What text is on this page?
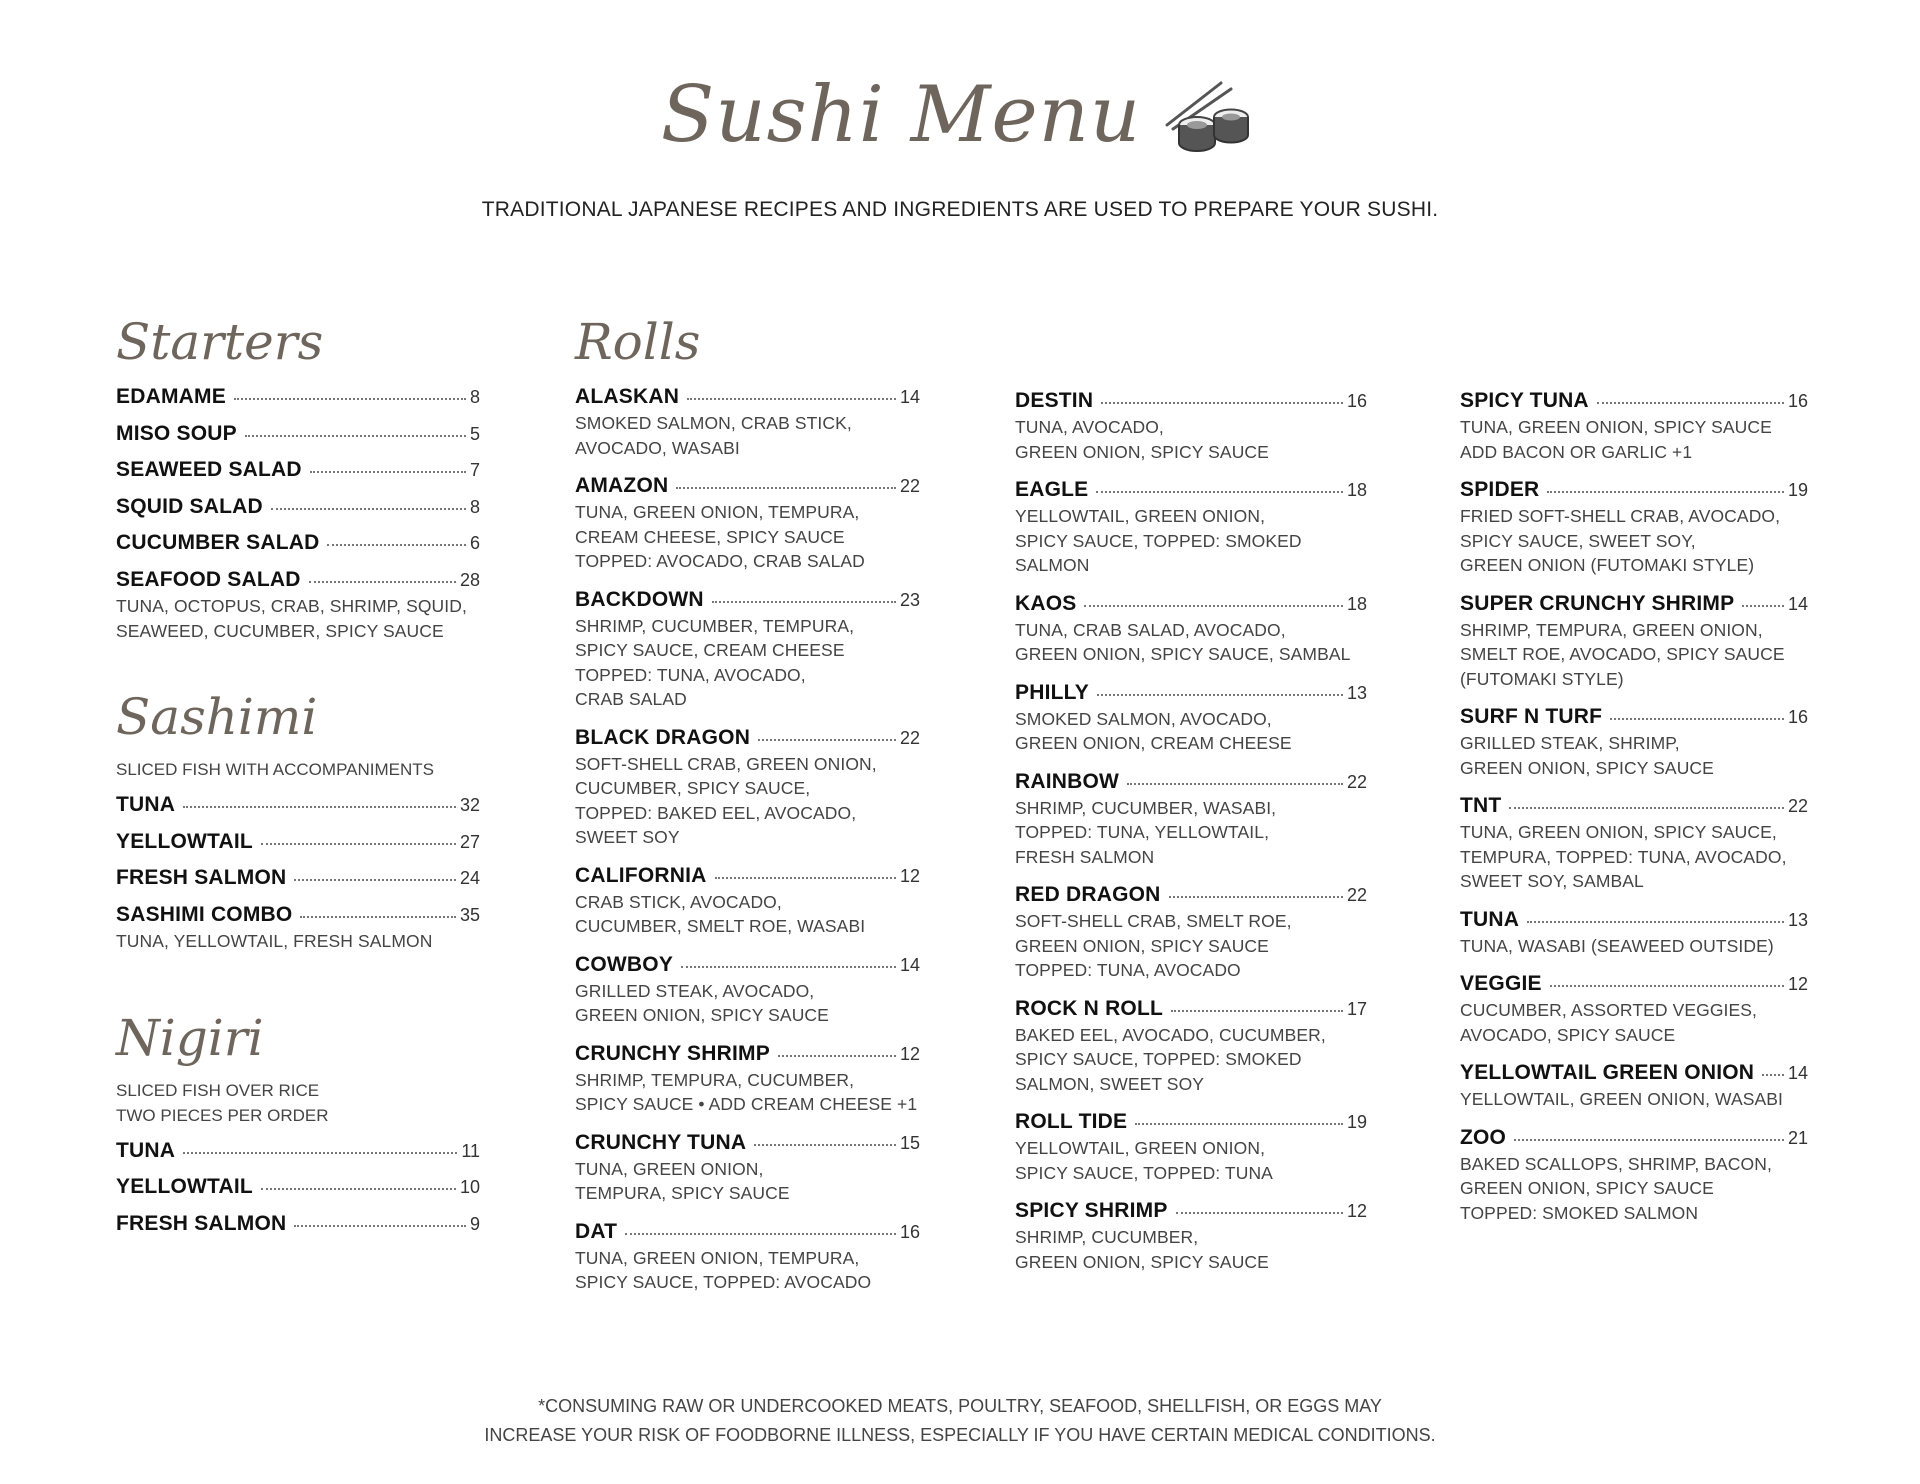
Sushi Menu
TRADITIONAL JAPANESE RECIPES AND INGREDIENTS ARE USED TO PREPARE YOUR SUSHI.
Starters
EDAMAME	8
MISO SOUP	5
SEAWEED SALAD	7
SQUID SALAD	8
CUCUMBER SALAD	6
SEAFOOD SALAD	28
TUNA, OCTOPUS, CRAB, SHRIMP, SQUID,
SEAWEED, CUCUMBER, SPICY SAUCE
Sashimi
SLICED FISH WITH ACCOMPANIMENTS
TUNA	32
YELLOWTAIL	27
FRESH SALMON	24
SASHIMI COMBO	35
TUNA, YELLOWTAIL, FRESH SALMON
Nigiri
SLICED FISH OVER RICE
TWO PIECES PER ORDER
TUNA	11
YELLOWTAIL	10
FRESH SALMON	9
Rolls
ALASKAN	14
SMOKED SALMON, CRAB STICK,
AVOCADO, WASABI
AMAZON	22
TUNA, GREEN ONION, TEMPURA,
CREAM CHEESE, SPICY SAUCE
TOPPED: AVOCADO, CRAB SALAD
BACKDOWN	23
SHRIMP, CUCUMBER, TEMPURA,
SPICY SAUCE, CREAM CHEESE
TOPPED: TUNA, AVOCADO,
CRAB SALAD
BLACK DRAGON	22
SOFT-SHELL CRAB, GREEN ONION,
CUCUMBER, SPICY SAUCE,
TOPPED: BAKED EEL, AVOCADO,
SWEET SOY
CALIFORNIA	12
CRAB STICK, AVOCADO,
CUCUMBER, SMELT ROE, WASABI
COWBOY	14
GRILLED STEAK, AVOCADO,
GREEN ONION, SPICY SAUCE
CRUNCHY SHRIMP	12
SHRIMP, TEMPURA, CUCUMBER,
SPICY SAUCE • ADD CREAM CHEESE +1
CRUNCHY TUNA	15
TUNA, GREEN ONION,
TEMPURA, SPICY SAUCE
DAT	16
TUNA, GREEN ONION, TEMPURA,
SPICY SAUCE, TOPPED: AVOCADO
DESTIN	16
TUNA, AVOCADO,
GREEN ONION, SPICY SAUCE
EAGLE	18
YELLOWTAIL, GREEN ONION,
SPICY SAUCE, TOPPED: SMOKED SALMON
KAOS	18
TUNA, CRAB SALAD, AVOCADO,
GREEN ONION, SPICY SAUCE, SAMBAL
PHILLY	13
SMOKED SALMON, AVOCADO,
GREEN ONION, CREAM CHEESE
RAINBOW	22
SHRIMP, CUCUMBER, WASABI,
TOPPED: TUNA, YELLOWTAIL,
FRESH SALMON
RED DRAGON	22
SOFT-SHELL CRAB, SMELT ROE,
GREEN ONION, SPICY SAUCE
TOPPED: TUNA, AVOCADO
ROCK N ROLL	17
BAKED EEL, AVOCADO, CUCUMBER,
SPICY SAUCE, TOPPED: SMOKED
SALMON, SWEET SOY
ROLL TIDE	19
YELLOWTAIL, GREEN ONION,
SPICY SAUCE, TOPPED: TUNA
SPICY SHRIMP	12
SHRIMP, CUCUMBER,
GREEN ONION, SPICY SAUCE
SPICY TUNA	16
TUNA, GREEN ONION, SPICY SAUCE
ADD BACON OR GARLIC +1
SPIDER	19
FRIED SOFT-SHELL CRAB, AVOCADO,
SPICY SAUCE, SWEET SOY,
GREEN ONION (FUTOMAKI STYLE)
SUPER CRUNCHY SHRIMP	14
SHRIMP, TEMPURA, GREEN ONION,
SMELT ROE, AVOCADO, SPICY SAUCE
(FUTOMAKI STYLE)
SURF N TURF	16
GRILLED STEAK, SHRIMP,
GREEN ONION, SPICY SAUCE
TNT	22
TUNA, GREEN ONION, SPICY SAUCE,
TEMPURA, TOPPED: TUNA, AVOCADO,
SWEET SOY, SAMBAL
TUNA	13
TUNA, WASABI (SEAWEED OUTSIDE)
VEGGIE	12
CUCUMBER, ASSORTED VEGGIES,
AVOCADO, SPICY SAUCE
YELLOWTAIL GREEN ONION 14
YELLOWTAIL, GREEN ONION, WASABI
ZOO	21
BAKED SCALLOPS, SHRIMP, BACON,
GREEN ONION, SPICY SAUCE
TOPPED: SMOKED SALMON
*CONSUMING RAW OR UNDERCOOKED MEATS, POULTRY, SEAFOOD, SHELLFISH, OR EGGS MAY
INCREASE YOUR RISK OF FOODBORNE ILLNESS, ESPECIALLY IF YOU HAVE CERTAIN MEDICAL CONDITIONS.
